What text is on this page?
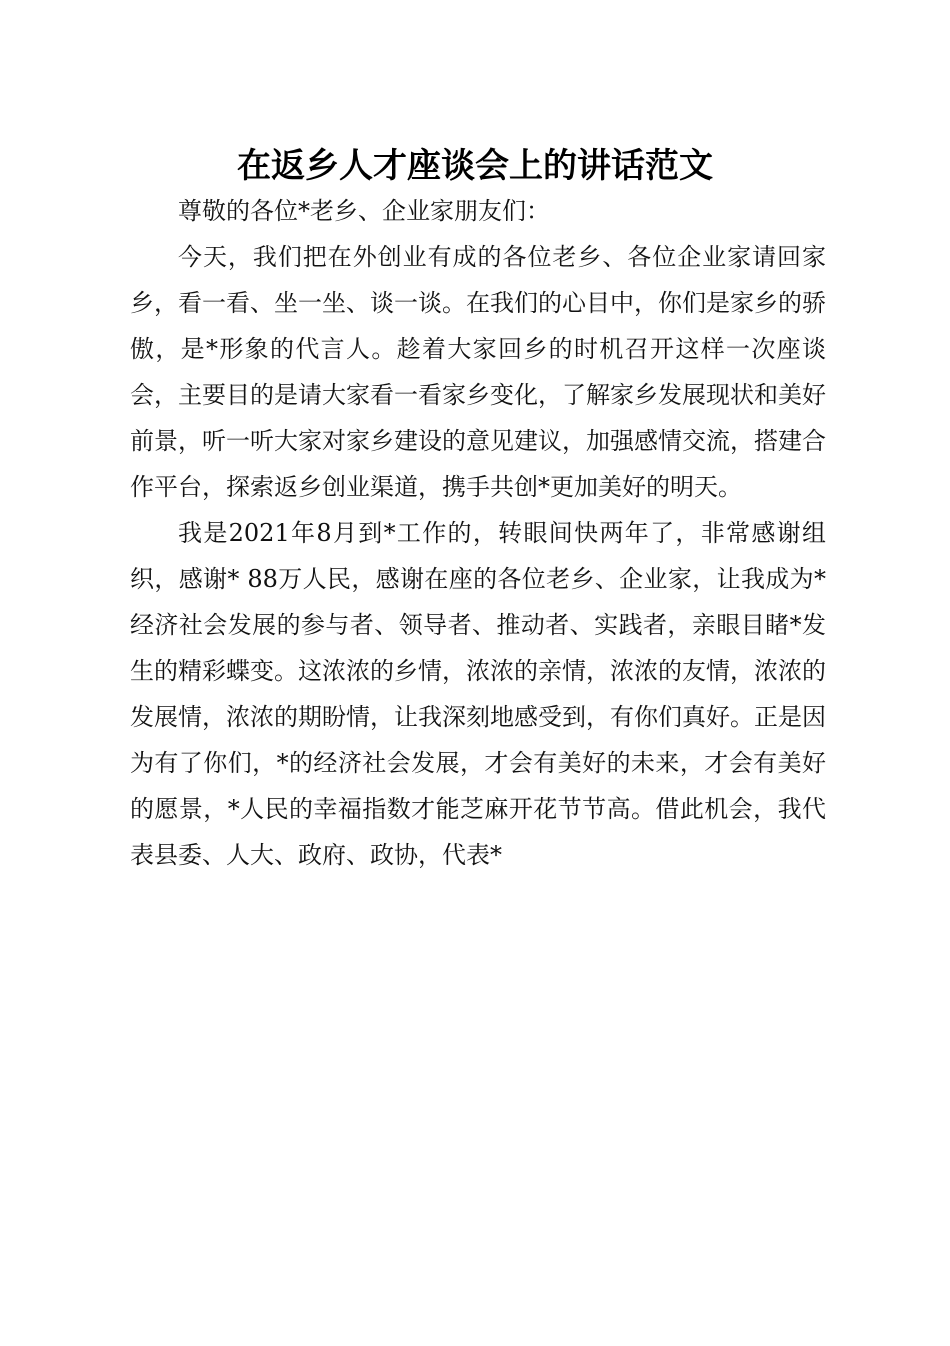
在返乡人才座谈会上的讲话范文

尊敬的各位*老乡、企业家朋友们：

今天，我们把在外创业有成的各位老乡、各位企业家请回家乡，看一看、坐一坐、谈一谈。在我们的心目中，你们是家乡的骄傲，是*形象的代言人。趁着大家回乡的时机召开这样一次座谈会，主要目的是请大家看一看家乡变化，了解家乡发展现状和美好前景，听一听大家对家乡建设的意见建议，加强感情交流，搭建合作平台，探索返乡创业渠道，携手共创*更加美好的明天。

我是2021年8月到*工作的，转眼间快两年了，非常感谢组织，感谢* 88万人民，感谢在座的各位老乡、企业家，让我成为*经济社会发展的参与者、领导者、推动者、实践者，亲眼目睹*发生的精彩蝶变。这浓浓的乡情，浓浓的亲情，浓浓的友情，浓浓的发展情，浓浓的期盼情，让我深刻地感受到，有你们真好。正是因为有了你们，*的经济社会发展，才会有美好的未来，才会有美好的愿景，*人民的幸福指数才能芝麻开花节节高。借此机会，我代表县委、人大、政府、政协，代表*
